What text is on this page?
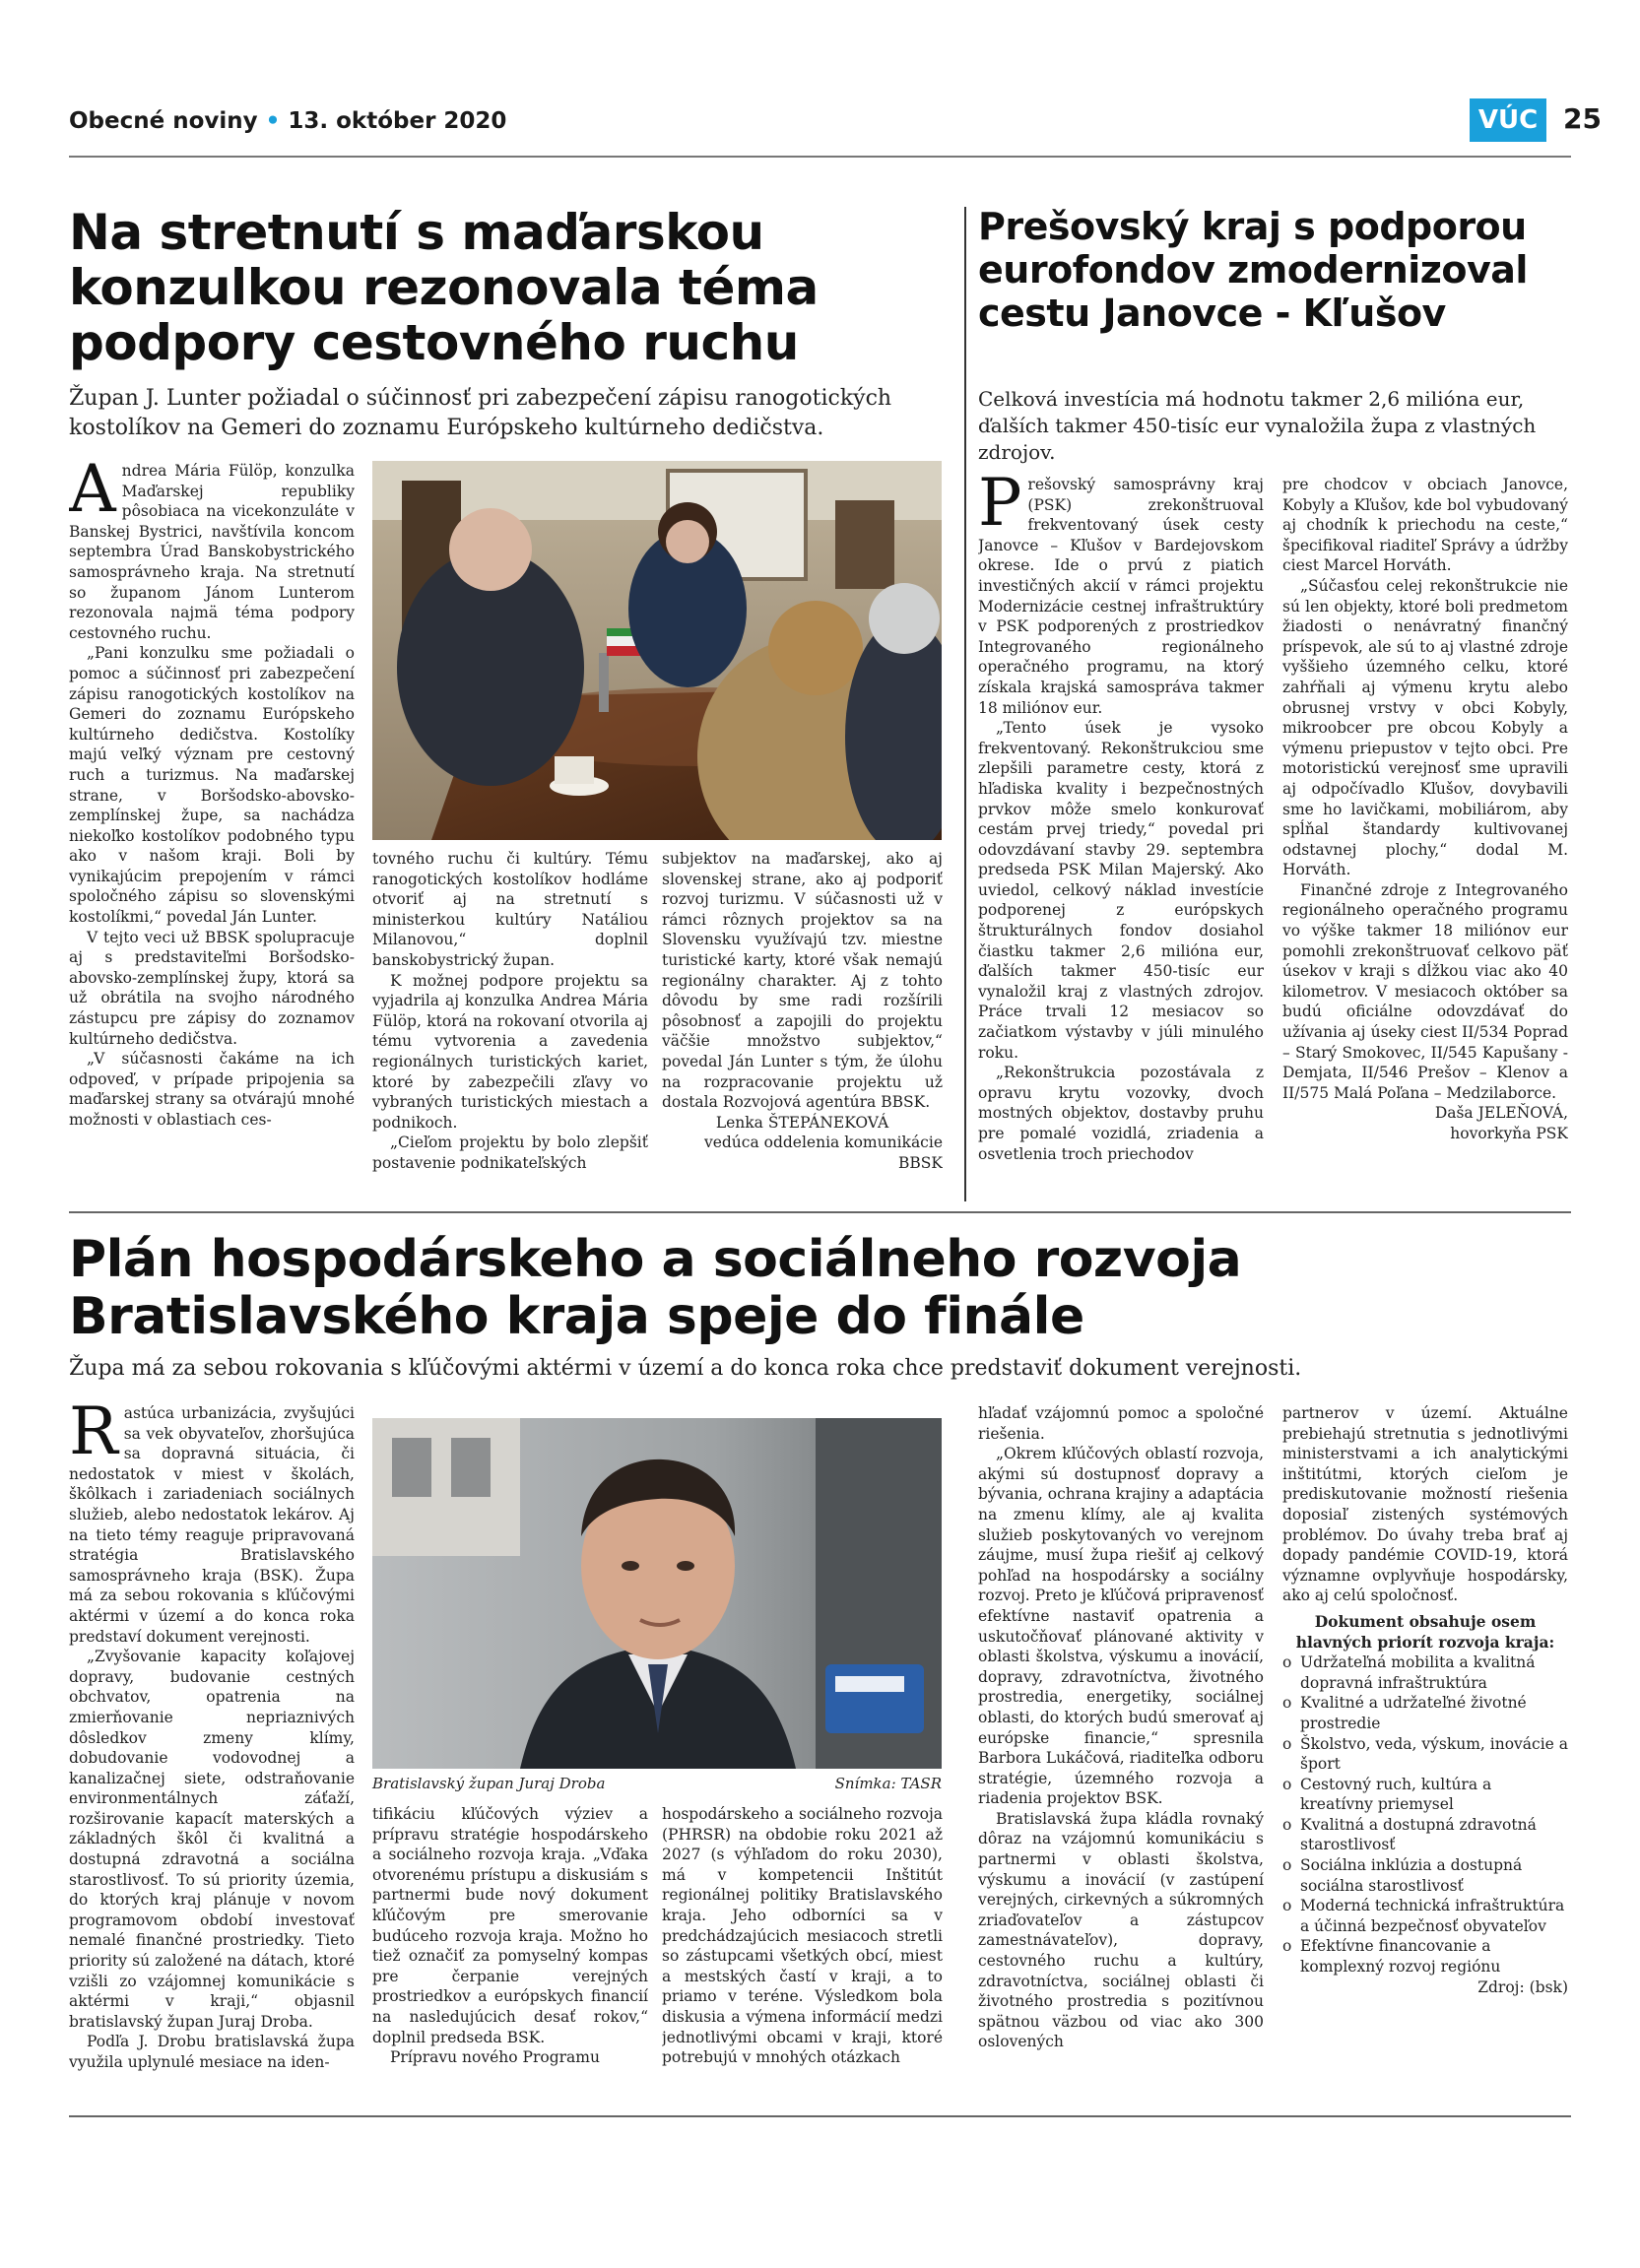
Obecné noviny • 13. október 2020	VÚC 25
Na stretnutí s maďarskou konzulkou rezonovala téma podpory cestovného ruchu
Župan J. Lunter požiadal o súčinnosť pri zabezpečení zápisu ranogotických kostolíkov na Gemeri do zoznamu Európskeho kultúrneho dedičstva.

Andrea Mária Fülöp, konzulka Maďarskej republiky pôsobiaca na vicekonzuláte v Banskej Bystrici, navštívila koncom septembra Úrad Banskobystrického samosprávneho kraja. Na stretnutí so županom Jánom Lunterom rezonovala najmä téma podpory cestovného ruchu.

„Pani konzulku sme požiadali o pomoc a súčinnosť pri zabezpečení zápisu ranogotických kostolíkov na Gemeri do zoznamu Európskeho kultúrneho dedičstva. Kostolíky majú veľký význam pre cestovný ruch a turizmus. Na maďarskej strane, v Boršodsko-abovsko-zemplínskej župe, sa nachádza niekoľko kostolíkov podobného typu ako v našom kraji. Boli by vynikajúcim prepojením v rámci spoločného zápisu so slovenskými kostolíkmi,“ povedal Ján Lunter.

V tejto veci už BBSK spolupracuje aj s predstaviteľmi Boršodsko-abovsko-zemplínskej župy, ktorá sa už obrátila na svojho národného zástupcu pre zápisy do zoznamov kultúrneho dedičstva.

„V súčasnosti čakáme na ich odpoveď, v prípade pripojenia sa maďarskej strany sa otvárajú mnohé možnosti v oblastiach ces-

tovného ruchu či kultúry. Tému ranogotických kostolíkov hodláme otvoriť aj na stretnutí s ministerkou kultúry Natáliou Milanovou,“ doplnil banskobystrický župan.

K možnej podpore projektu sa vyjadrila aj konzulka Andrea Mária Fülöp, ktorá na rokovaní otvorila aj tému vytvorenia a zavedenia regionálnych turistických kariet, ktoré by zabezpečili zľavy vo vybraných turistických miestach a podnikoch.

„Cieľom projektu by bolo zlepšiť postavenie podnikateľských

subjektov na maďarskej, ako aj slovenskej strane, ako aj podporiť rozvoj turizmu. V súčasnosti už v rámci rôznych projektov sa na Slovensku využívajú tzv. miestne turistické karty, ktoré však nemajú regionálny charakter. Aj z tohto dôvodu by sme radi rozšírili pôsobnosť a zapojili do projektu väčšie množstvo subjektov,“ povedal Ján Lunter s tým, že úlohu na rozpracovanie projektu už dostala Rozvojová agentúra BBSK.

Lenka ŠTEPÁNEKOVÁ

vedúca oddelenia komunikácie

BBSK

Prešovský kraj s podporou eurofondov zmodernizoval cestu Janovce - Kľušov
Celková investícia má hodnotu takmer 2,6 milióna eur, ďalších takmer 450-tisíc eur vynaložila župa z vlastných zdrojov.

Prešovský samosprávny kraj (PSK) zrekonštruoval frekventovaný úsek cesty Janovce – Kľušov v Bardejovskom okrese. Ide o prvú z piatich investičných akcií v rámci projektu Modernizácie cestnej infraštruktúry v PSK podporených z prostriedkov Integrovaného regionálneho operačného programu, na ktorý získala krajská samospráva takmer 18 miliónov eur.

„Tento úsek je vysoko frekventovaný. Rekonštrukciou sme zlepšili parametre cesty, ktorá z hľadiska kvality i bezpečnostných prvkov môže smelo konkurovať cestám prvej triedy,“ povedal pri odovzdávaní stavby 29. septembra predseda PSK Milan Majerský. Ako uviedol, celkový náklad investície podporenej z európskych štrukturálnych fondov dosiahol čiastku takmer 2,6 miliónа eur, ďalších takmer 450-tisíc eur vynaložil kraj z vlastných zdrojov. Práce trvali 12 mesiacov so začiatkom výstavby v júli minulého roku.

„Rekonštrukcia pozostávala z opravu krytu vozovky, dvoch mostných objektov, dostavby pruhu pre pomalé vozidlá, zriadenia a osvetlenia troch priechodov

pre chodcov v obciach Janovce, Kobyly a Kľušov, kde bol vybudovaný aj chodník k priechodu na ceste,“ špecifikoval riaditeľ Správy a údržby ciest Marcel Horváth.

„Súčasťou celej rekonštrukcie nie sú len objekty, ktoré boli predmetom žiadosti o nenávratný finančný príspevok, ale sú to aj vlastné zdroje vyššieho územného celku, ktoré zahŕňali aj výmenu krytu alebo obrusnej vrstvy v obci Kobyly, mikroobcer pre obcou Kobyly a výmenu priepustov v tejto obci. Pre motoristickú verejnosť sme upravili aj odpočívadlo Kľušov, dovybavili sme ho lavičkami, mobiliárom, aby spĺňal štandardy kultivovanej odstavnej plochy,“ dodal M. Horváth.

Finančné zdroje z Integrovaného regionálneho operačného programu vo výške takmer 18 miliónov eur pomohli zrekonštruovať celkovo päť úsekov v kraji s dĺžkou viac ako 40 kilometrov. V mesiacoch október sa budú oficiálne odovzdávať do užívania aj úseky ciest II/534 Poprad – Starý Smokovec, II/545 Kapušany - Demjata, II/546 Prešov – Klenov a II/575 Malá Poľana – Medzilaborce.

Daša JELEŇOVÁ,

hovorkyňa PSK

Plán hospodárskeho a sociálneho rozvoja Bratislavského kraja speje do finále
Župa má za sebou rokovania s kľúčovými aktérmi v území a do konca roka chce predstaviť dokument verejnosti.

Rastúca urbanizácia, zvyšujúci sa vek obyvateľov, zhoršujúca sa dopravná situácia, či nedostatok v miest v školách, škôlkach i zariadeniach sociálnych služieb, alebo nedostatok lekárov. Aj na tieto témy reaguje pripravovaná stratégia Bratislavského samosprávneho kraja (BSK). Župa má za sebou rokovania s kľúčovými aktérmi v území a do konca roka predstaví dokument verejnosti.

„Zvyšovanie kapacity koľajovej dopravy, budovanie cestných obchvatov, opatrenia na zmierňovanie nepriaznivých dôsledkov zmeny klímy, dobudovanie vodovodnej a kanalizačnej siete, odstraňovanie environmentálnych záťaží, rozširovanie kapacít materských a základných škôl či kvalitná a dostupná zdravotná a sociálna starostlivosť. To sú priority územia, do ktorých kraj plánuje v novom programovom období investovať nemalé finančné prostriedky. Tieto priority sú založené na dátach, ktoré vzišli zo vzájomnej komunikácie s aktérmi v kraji,“ objasnil bratislavský župan Juraj Droba.

Podľa J. Drobu bratislavská župa využila uplynulé mesiace na iden-

Bratislavský župan Juraj Droba	Snímka: TASR

tifikáciu kľúčových výziev a prípravu stratégie hospodárskeho a sociálneho rozvoja kraja. „Vďaka otvorenému prístupu a diskusiám s partnermi bude nový dokument kľúčovým pre smerovanie budúceho rozvoja kraja. Možno ho tiež označiť za pomyselný kompas pre čerpanie verejných prostriedkov a európskych financií na nasledujúcich desať rokov,“ doplnil predseda BSK.

Prípravu nového Programu

hospodárskeho a sociálneho rozvoja (PHRSR) na obdobie roku 2021 až 2027 (s výhľadom do roku 2030), má v kompetencii Inštitút regionálnej politiky Bratislavského kraja. Jeho odborníci sa v predchádzajúcich mesiacoch stretli so zástupcami všetkých obcí, miest a mestských častí v kraji, a to priamo v teréne. Výsledkom bola diskusia a výmena informácií medzi jednotlivými obcami v kraji, ktoré potrebujú v mnohých otázkach

hľadať vzájomnú pomoc a spoločné riešenia.

„Okrem kľúčových oblastí rozvoja, akými sú dostupnosť dopravy a bývania, ochrana krajiny a adaptácia na zmenu klímy, ale aj kvalita služieb poskytovaných vo verejnom záujme, musí župa riešiť aj celkový pohľad na hospodársky a sociálny rozvoj. Preto je kľúčová pripravenosť efektívne nastaviť opatrenia a uskutočňovať plánované aktivity v oblasti školstva, výskumu a inovácií, dopravy, zdravotníctva, životného prostredia, energetiky, sociálnej oblasti, do ktorých budú smerovať aj európske financie,“ spresnila Barbora Lukáčová, riaditeľka odboru stratégie, územného rozvoja a riadenia projektov BSK.

Bratislavská župa kládla rovnaký dôraz na vzájomnú komunikáciu s partnermi v oblasti školstva, výskumu a inovácií (v zastúpení verejných, cirkevných a súkromných zriaďovateľov a zástupcov zamestnávateľov), dopravy, cestovného ruchu a kultúry, zdravotníctva, sociálnej oblasti či životného prostredia s pozitívnou spätnou väzbou od viac ako 300 oslovených

partnerov v území. Aktuálne prebiehajú stretnutia s jednotlivými ministerstvami a ich analytickými inštitútmi, ktorých cieľom je prediskutovanie možností riešenia doposiaľ zistených systémových problémov. Do úvahy treba brať aj dopady pandémie COVID-19, ktorá významne ovplyvňuje hospodársky, ako aj celú spoločnosť.

Dokument obsahuje osem hlavných priorít rozvoja kraja:

o Udržateľná mobilita a kvalitná dopravná infraštruktúra
o Kvalitné a udržateľné životné prostredie
o Školstvo, veda, výskum, inovácie a šport
o Cestovný ruch, kultúra a kreatívny priemysel
o Kvalitná a dostupná zdravotná starostlivosť
o Sociálna inklúzia a dostupná sociálna starostlivosť
o Moderná technická infraštruktúra a účinná bezpečnosť obyvateľov
o Efektívne financovanie a komplexný rozvoj regiónu

Zdroj: (bsk)
